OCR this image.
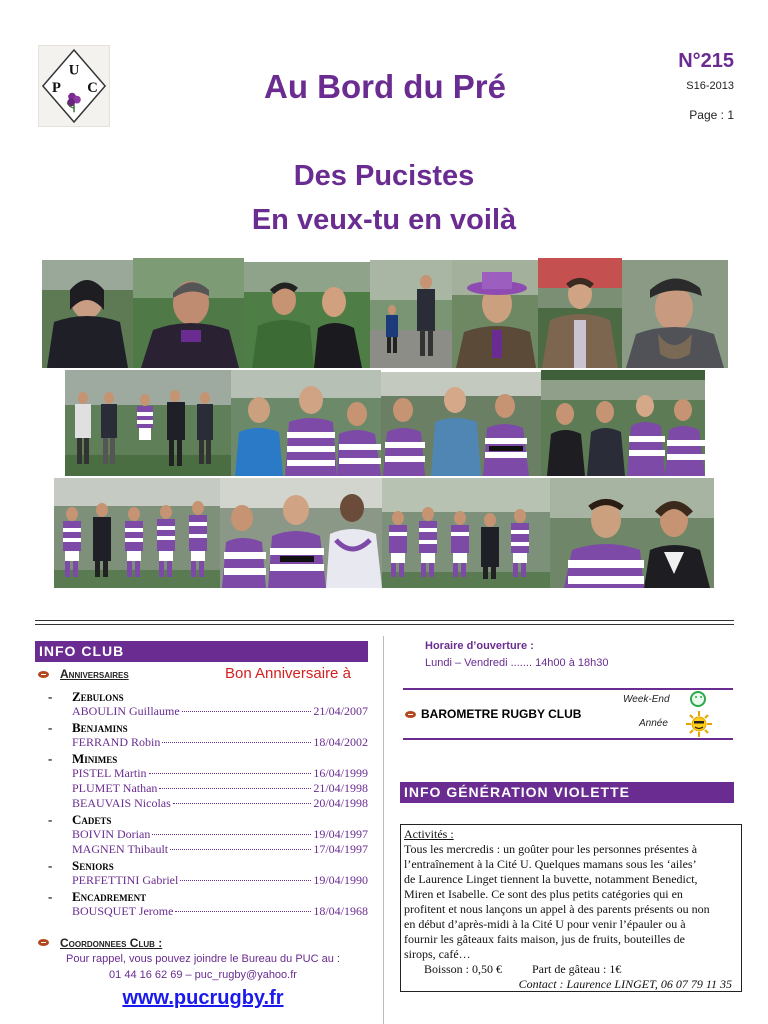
U
P C	Au Bord du Pré
N°215
S16-2013
Page : 1
Des Pucistes
En veux-tu en voilà
INFO CLUB
Anniversaires	Bon Anniversaire à
Zebulons
-
ABOULIN Guillaume	21/04/2007
Benjamins
-
FERRAND Robin	18/04/2002
Minimes
-
PISTEL Martin	16/04/1999
PLUMET Nathan	21/04/1998
BEAUVAIS Nicolas	20/04/1998
Cadets
-
BOIVIN Dorian	19/04/1997
MAGNEN Thibault	17/04/1997
Seniors
-
PERFETTINI Gabriel	19/04/1990
Encadrement
-
BOUSQUET Jerome	18/04/1968
Coordonnees Club :
Pour rappel, vous pouvez joindre le Bureau du PUC au :
01 44 16 62 69 – puc_rugby@yahoo.fr
www.pucrugby.fr
Horaire d’ouverture :
Lundi – Vendredi ....... 14h00 à 18h30
BAROMETRE RUGBY CLUB
Week-End
Année
INFO GÉNÉRATION VIOLETTE
Activités :
Tous les mercredis : un goûter pour les personnes présentes à
l’entraînement à la Cité U. Quelques mamans sous les ‘ailes’
de Laurence Linget tiennent la buvette, notamment Benedict,
Miren et Isabelle. Ce sont des plus petits catégories qui en
profitent et nous lançons un appel à des parents présents ou non
en début d’après-midi à la Cité U pour venir l’épauler ou à
fournir les gâteaux faits maison, jus de fruits, bouteilles de
sirops, café…
Boisson : 0,50 €          Part de gâteau : 1€
Contact : Laurence LINGET, 06 07 79 11 35
